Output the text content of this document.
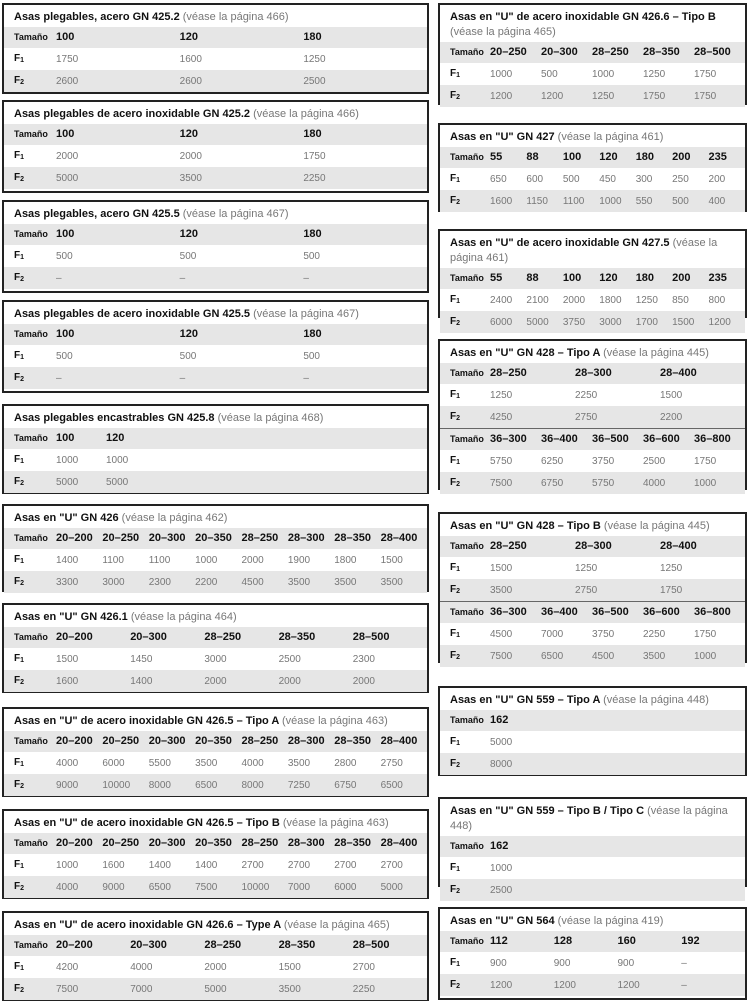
Asas plegables, acero GN 425.2 (véase la página 466)
Tamaño	100	120	180
$F_1$	1750	1600	1250
$F_2$	2600	2600	2500
Asas plegables de acero inoxidable GN 425.2 (véase la página 466)
Tamaño	100	120	180
$F_1$	2000	2000	1750
$F_2$	5000	3500	2250
Asas plegables, acero GN 425.5 (véase la página 467)
Tamaño	100	120	180
$F_1$	500	500	500
$F_2$	–	–	–
Asas plegables de acero inoxidable GN 425.5 (véase la página 467)
Tamaño	100	120	180
$F_1$	500	500	500
$F_2$	–	–	–
Asas plegables encastrables GN 425.8 (véase la página 468)
Tamaño	100	120	
$F_1$	1000	1000	
$F_2$	5000	5000	
Asas en "U" GN 426 (véase la página 462)
Tamaño	20–200	20–250	20–300	20–350	28–250	28–300	28–350	28–400
$F_1$	1400	1100	1100	1000	2000	1900	1800	1500
$F_2$	3300	3000	2300	2200	4500	3500	3500	3500
Asas en "U" GN 426.1 (véase la página 464)
Tamaño	20–200	20–300	28–250	28–350	28–500
$F_1$	1500	1450	3000	2500	2300
$F_2$	1600	1400	2000	2000	2000
Asas en "U" de acero inoxidable GN 426.5 – Tipo A (véase la página 463)
Tamaño	20–200	20–250	20–300	20–350	28–250	28–300	28–350	28–400
$F_1$	4000	6000	5500	3500	4000	3500	2800	2750
$F_2$	9000	10000	8000	6500	8000	7250	6750	6500
Asas en "U" de acero inoxidable GN 426.5 – Tipo B (véase la página 463)
Tamaño	20–200	20–250	20–300	20–350	28–250	28–300	28–350	28–400
$F_1$	1000	1600	1400	1400	2700	2700	2700	2700
$F_2$	4000	9000	6500	7500	10000	7000	6000	5000
Asas en "U" de acero inoxidable GN 426.6 – Type A (véase la página 465)
Tamaño	20–200	20–300	28–250	28–350	28–500
$F_1$	4200	4000	2000	1500	2700
$F_2$	7500	7000	5000	3500	2250
Asas en "U" de acero inoxidable GN 426.6 – Tipo B (véase la página 465)
Tamaño	20–250	20–300	28–250	28–350	28–500
$F_1$	1000	500	1000	1250	1750
$F_2$	1200	1200	1250	1750	1750
Asas en "U" GN 427 (véase la página 461)
Tamaño	55	88	100	120	180	200	235
$F_1$	650	600	500	450	300	250	200
$F_2$	1600	1150	1100	1000	550	500	400
Asas en "U" de acero inoxidable GN 427.5 (véase la página 461)
Tamaño	55	88	100	120	180	200	235
$F_1$	2400	2100	2000	1800	1250	850	800
$F_2$	6000	5000	3750	3000	1700	1500	1200
Asas en "U" GN 428 – Tipo A (véase la página 445)
Tamaño	28–250	28–300	28–400
$F_1$	1250	2250	1500
$F_2$	4250	2750	2200
Tamaño	36–300	36–400	36–500	36–600	36–800
$F_1$	5750	6250	3750	2500	1750
$F_2$	7500	6750	5750	4000	1000
Asas en "U" GN 428 – Tipo B (véase la página 445)
Tamaño	28–250	28–300	28–400
$F_1$	1500	1250	1250
$F_2$	3500	2750	1750
Tamaño	36–300	36–400	36–500	36–600	36–800
$F_1$	4500	7000	3750	2250	1750
$F_2$	7500	6500	4500	3500	1000
Asas en "U" GN 559 – Tipo A (véase la página 448)
Tamaño	162		
$F_1$	5000		
$F_2$	8000		
Asas en "U" GN 559 – Tipo B / Tipo C (véase la página 448)
Tamaño	162		
$F_1$	1000		
$F_2$	2500		
Asas en "U" GN 564 (véase la página 419)
Tamaño	112	128	160	192
$F_1$	900	900	900	–
$F_2$	1200	1200	1200	–
